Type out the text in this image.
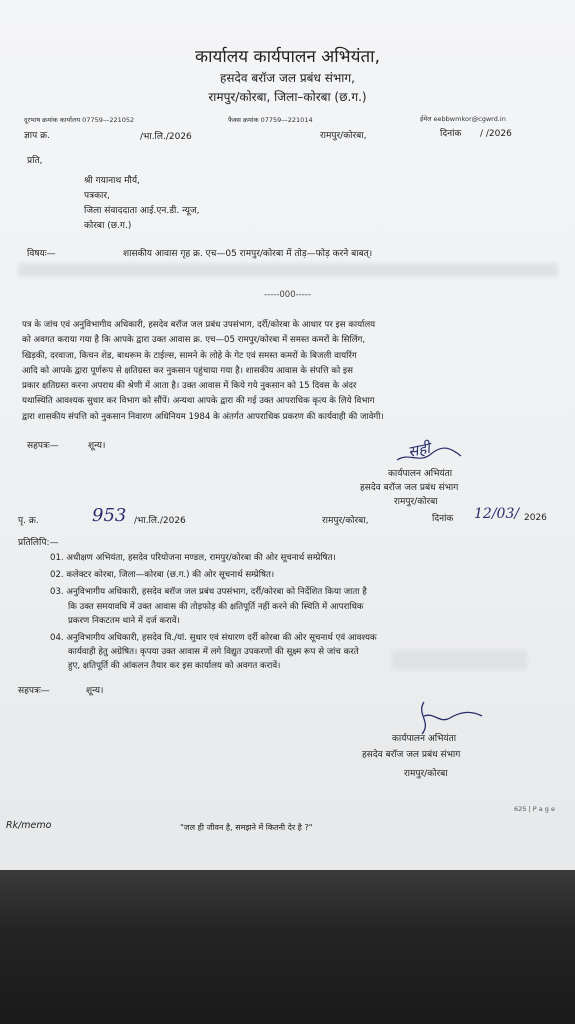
कार्यालय कार्यपालन अभियंता,
हसदेव बरॉज जल प्रबंध संभाग,
रामपुर/कोरबा, जिला–कोरबा (छ.ग.)
दूरभाष क्रमांक कार्यालय 07759—221052	फैक्स क्रमांक 07759—221014	ईमेल eebbwmkor@cgwrd.in
ज्ञाप क्र.	/भा.लि./2026	रामपुर/कोरबा,	दिनांक / /2026
प्रति,
श्री गयानाथ मौर्य,
पत्रकार,
जिला संवाददाता आई.एन.डी. न्यूज,
कोरबा (छ.ग.)
विषयः—	शासकीय आवास गृह क्र. एच—05 रामपुर/कोरबा में तोड़—फोड़ करने बाबत्।
-----000-----
पत्र के जांच एवं अनुविभागीय अधिकारी, हसदेव बरॉज जल प्रबंध उपसंभाग, दर्री/कोरबा के आधार पर इस कार्यालय
को अवगत कराया गया है कि आपके द्वारा उक्त आवास क्र. एच—05 रामपुर/कोरबा में समस्त कमरों के सिलिंग,
खिड़की, दरवाजा, किचन शेड, बाथरूम के टाईल्स, सामने के लोहे के गेट एवं समस्त कमरों के बिजली वायरिंग
आदि को आपके द्वारा पूर्णरूप से क्षतिग्रस्त कर नुकसान पहुंचाया गया है। शासकीय आवास के संपत्ति को इस
प्रकार क्षतिग्रस्त करना अपराध की श्रेणी में आता है। उक्त आवास में किये गये नुकसान को 15 दिवस के अंदर
यथास्थिति आवश्यक सुधार कर विभाग को सौंपें। अन्यथा आपके द्वारा की गई उक्त आपराधिक कृत्य के लिये विभाग
द्वारा शासकीय संपत्ति को नुकसान निवारण अधिनियम 1984 के अंतर्गत आपराधिक प्रकरण की कार्यवाही की जावेगी।
सहपत्रः—	शून्य।	सही
कार्यपालन अभियंता
हसदेव बरॉज जल प्रबंध संभाग
रामपुर/कोरबा
पृ. क्र.	953 /भा.लि./2026	रामपुर/कोरबा,	दिनांक 12/03/ 2026
प्रतिलिपि:—
01. अधीक्षण अभियंता, हसदेव परियोजना मण्डल, रामपुर/कोरबा की ओर सूचनार्थ सम्प्रेषित।
02. कलेक्टर कोरबा, जिला—कोरबा (छ.ग.) की ओर सूचनार्थ सम्प्रेषित।
03. अनुविभागीय अधिकारी, हसदेव बरॉज जल प्रबंध उपसंभाग, दर्री/कोरबा को निर्देशित किया जाता है
कि उक्त समयावधि में उक्त आवास की तोड़फोड़ की क्षतिपूर्ति नहीं करने की स्थिति में आपराधिक
प्रकरण निकटतम थाने में दर्ज करावें।
04. अनुविभागीय अधिकारी, हसदेव वि./यां. सुधार एवं संधारण दर्री कोरबा की ओर सूचनार्थ एवं आवश्यक
कार्यवाही हेतु अग्रेषित। कृपया उक्त आवास में लगे विद्युत उपकरणों की सूक्ष्म रूप से जांच करते
हुए, क्षतिपूर्ति की आंकलन तैयार कर इस कार्यालय को अवगत करावें।
सहपत्रः—	शून्य।
कार्यपालन अभियंता
हसदेव बरॉज जल प्रबंध संभाग
रामपुर/कोरबा
625 | P a g e
Rk/memo	"जल ही जीवन है, समझने में कितनी देर है ?"
